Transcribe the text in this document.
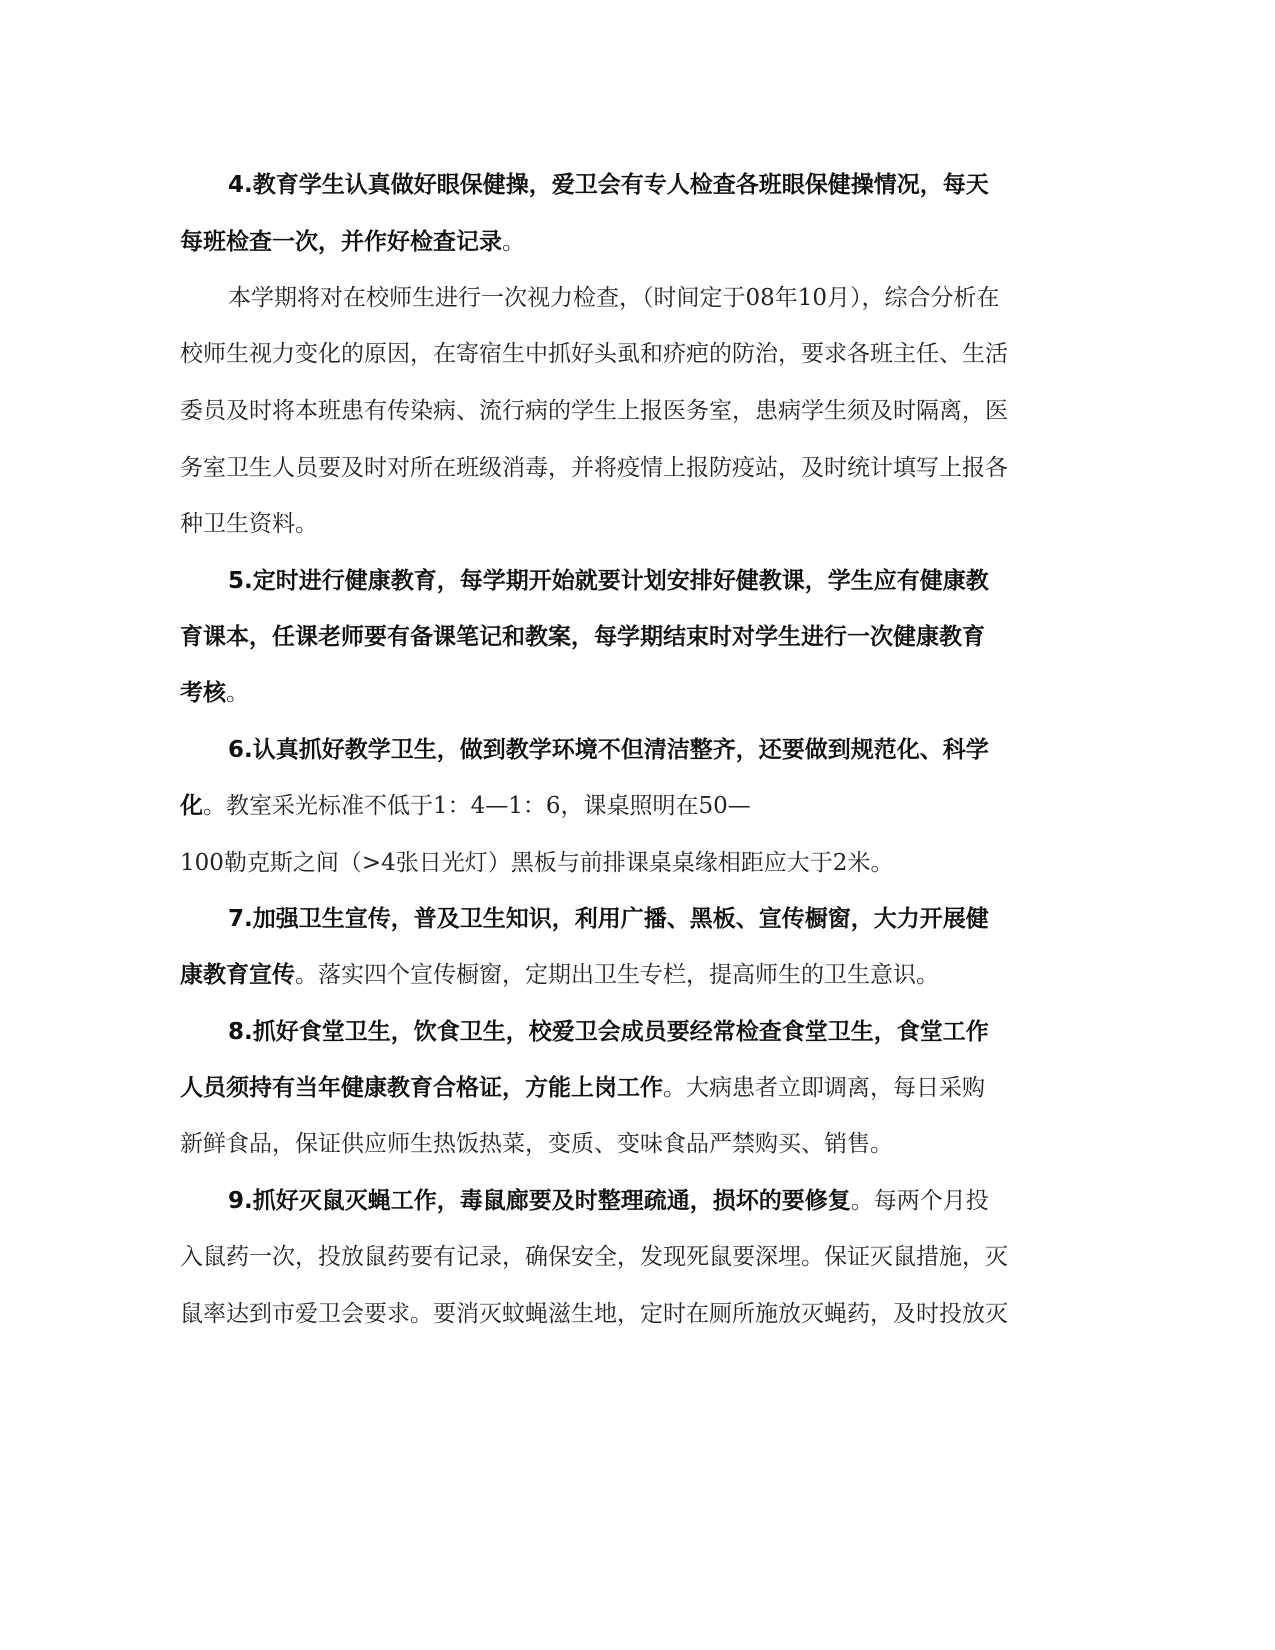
4.教育学生认真做好眼保健操，爱卫会有专人检查各班眼保健操情况，每天
每班检查一次，并作好检查记录。
本学期将对在校师生进行一次视力检查，（时间定于08年10月），综合分析在
校师生视力变化的原因，在寄宿生中抓好头虱和疥疤的防治，要求各班主任、生活
委员及时将本班患有传染病、流行病的学生上报医务室，患病学生须及时隔离，医
务室卫生人员要及时对所在班级消毒，并将疫情上报防疫站，及时统计填写上报各
种卫生资料。
5.定时进行健康教育，每学期开始就要计划安排好健教课，学生应有健康教
育课本，任课老师要有备课笔记和教案，每学期结束时对学生进行一次健康教育
考核。
6.认真抓好教学卫生，做到教学环境不但清洁整齐，还要做到规范化、科学
化。教室采光标准不低于1：4—1：6，课桌照明在50—
100勒克斯之间（>4张日光灯）黑板与前排课桌桌缘相距应大于2米。
7.加强卫生宣传，普及卫生知识，利用广播、黑板、宣传橱窗，大力开展健
康教育宣传。落实四个宣传橱窗，定期出卫生专栏，提高师生的卫生意识。
8.抓好食堂卫生，饮食卫生，校爱卫会成员要经常检查食堂卫生，食堂工作
人员须持有当年健康教育合格证，方能上岗工作。大病患者立即调离，每日采购
新鲜食品，保证供应师生热饭热菜，变质、变味食品严禁购买、销售。
9.抓好灭鼠灭蝇工作，毒鼠廊要及时整理疏通，损坏的要修复。每两个月投
入鼠药一次，投放鼠药要有记录，确保安全，发现死鼠要深埋。保证灭鼠措施，灭
鼠率达到市爱卫会要求。要消灭蚊蝇滋生地，定时在厕所施放灭蝇药，及时投放灭
